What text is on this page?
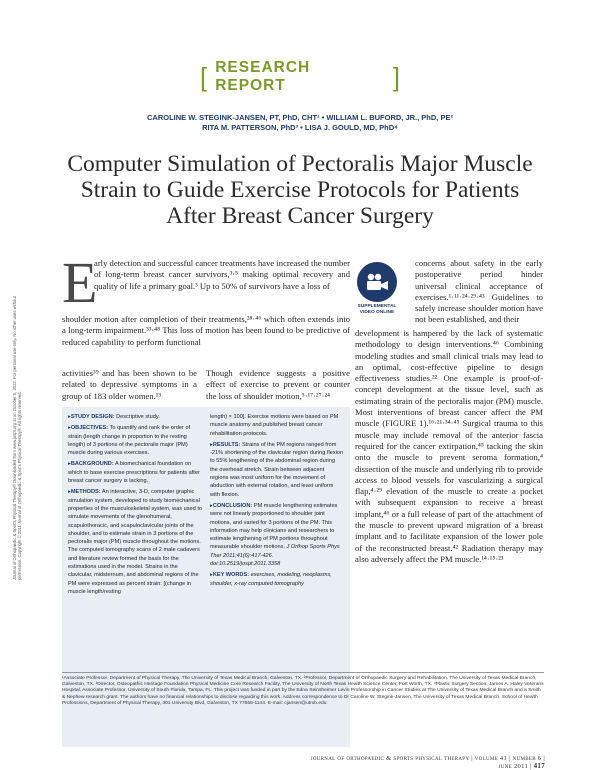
Journal of Orthopaedic & Sports Physical Therapy® Downloaded from www.jospt.org at on October 5, 2022. For personal use only. No other uses without permission. Copyright © 2011 Journal of Orthopaedic & Sports Physical Therapy®. All rights reserved.
[ RESEARCH REPORT	]
CAROLINE W. STEGINK-JANSEN, PT, PhD, CHT¹ • WILLIAM L. BUFORD, JR., PhD, PE²
RITA M. PATTERSON, PhD³ • LISA J. GOULD, MD, PhD⁴
Computer Simulation of Pectoralis Major Muscle Strain to Guide Exercise Protocols for Patients After Breast Cancer Surgery
E
arly detection and successful cancer treatments have increased the number of long-term breast cancer survivors,³·⁵ making optimal recovery and quality of life a primary goal.³ Up to 50% of survivors have a loss of
shoulder motion after completion of their treatments,²⁸·⁴⁶ which often extends into a long-term impairment.³³·⁴⁸ This loss of motion has been found to be predictive of reduced capability to perform functional
SUPPLEMENTAL VIDEO ONLINE
concerns about safety in the early postoperative period hinder universal clinical acceptance of exercises.¹·¹¹·²⁴·²⁹·⁴³ Guidelines to safely increase shoulder motion have not been established, and their
development is hampered by the lack of systematic methodology to design interventions.⁴⁶ Combining modeling studies and small clinical trials may lead to an optimal, cost-effective pipeline to design effectiveness studies.²² One example is proof-of-concept development at the tissue level, such as estimating strain of the pectoralis major (PM) muscle. Most interventions of breast cancer affect the PM muscle (FIGURE 1).¹⁶·²¹·³⁴·⁴⁵ Surgical trauma to this muscle may include removal of the anterior fascia required for the cancer extirpation,⁴⁵ tacking the skin onto the muscle to prevent seroma formation,⁴ dissection of the muscle and underlying rib to provide access to blood vessels for vascularizing a surgical flap,⁴·²⁹ elevation of the muscle to create a pocket with subsequent expansion to receive a breast implant,⁴⁶ or a full release of part of the attachment of the muscle to prevent upward migration of a breast implant and to facilitate expansion of the lower pole of the reconstructed breast.⁴² Radiation therapy may also adversely affect the PM muscle.¹⁴·¹⁵·²³
activities³⁹ and has been shown to be related to depressive symptoms in a group of 183 older women.¹³
Though evidence suggests a positive effect of exercise to prevent or counter the loss of shoulder motion,⁵·¹⁷·²⁷·²⁴

▸STUDY DESIGN: Descriptive study.

▸OBJECTIVES: To quantify and rank the order of strain (length change in proportion to the resting length) of 3 portions of the pectoralis major (PM) muscle during various exercises.

▸BACKGROUND: A biomechanical foundation on which to base exercise prescriptions for patients after breast cancer surgery is lacking.

▸METHODS: An interactive, 3-D, computer graphic simulation system, developed to study biomechanical properties of the musculoskeletal system, was used to simulate movements of the glenohumeral, scapulothoracic, and scapuloclavicular joints of the shoulder, and to estimate strain in 3 portions of the pectoralis major (PM) muscle throughout the motions. The computed tomography scans of 2 male cadavers and literature review formed the basis for the estimations used in the model. Strains in the clavicular, midsternum, and abdominal regions of the PM were expressed as percent strain: [(change in muscle length/resting

length) × 100]. Exercise motions were based on PM muscle anatomy and published breast cancer rehabilitation protocols.

▸RESULTS: Strains of the PM regions ranged from -21% shortening of the clavicular region during flexion to 55% lengthening of the abdominal region during the overhead stretch. Strain between adjacent regions was most uniform for the movement of abduction with external rotation, and least uniform with flexion.

▸CONCLUSION: PM muscle lengthening estimates were not linearly proportioned to shoulder joint motions, and varied for 3 portions of the PM. This information may help clinicians and researchers to estimate lengthening of PM portions throughout measurable shoulder motions. J Orthop Sports Phys Ther 2011;41(6):417-426. doi:10.2519/jospt.2011.3358

▸KEY WORDS: exercises, modeling, neoplasms, shoulder, x-ray computed tomography

¹Associate Professor, Department of Physical Therapy, The University of Texas Medical Branch, Galveston, TX. ²Professor, Department of Orthopaedic Surgery and Rehabilitation, The University of Texas Medical Branch, Galveston, TX. ³Director, Osteopathic Heritage Foundation Physical Medicine Core Research Facility, The University of North Texas Health Science Center, Fort Worth, TX. ⁴Plastic Surgery Section, James A. Haley Veterans Hospital, Associate Professor, University of South Florida, Tampa, FL. This project was funded in part by the Edna Seinsheimer Levin Professorship in Cancer Studies at The University of Texas Medical Branch and a Smith & Nephew research grant. The authors have no financial relationships to disclose regarding this work. Address correspondence to Dr Caroline W. Stegink-Jansen, The University of Texas Medical Branch, School of Health Professions, Department of Physical Therapy, 301 University Blvd, Galveston, TX 77555-1144. E-mail: cjansen@utmb.edu
journal of orthopaedic & sports physical therapy | volume 41 | number 6 | june 2011 | 417
